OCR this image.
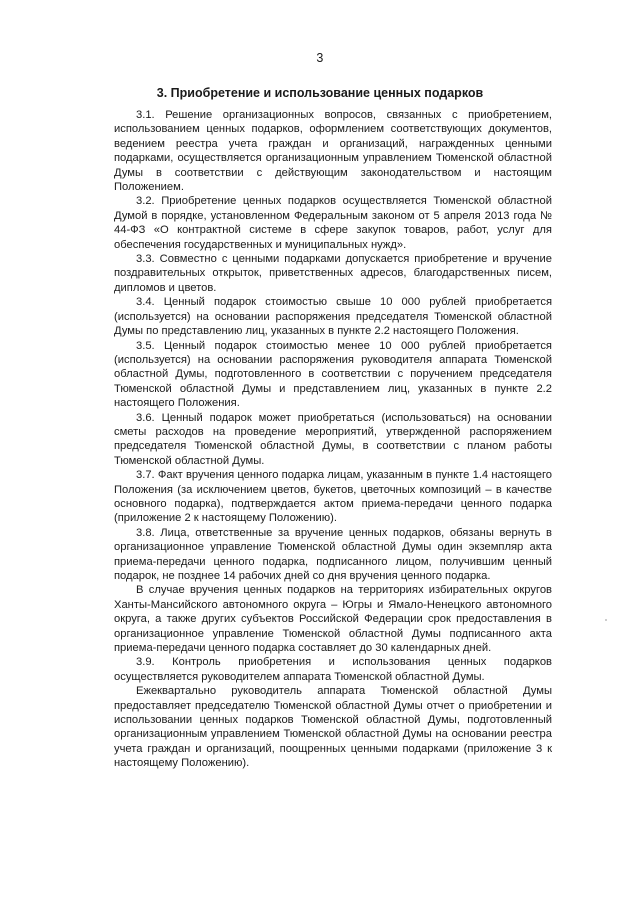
3
3. Приобретение и использование ценных подарков

3.1. Решение организационных вопросов, связанных с приобретением, использованием ценных подарков, оформлением соответствующих документов, ведением реестра учета граждан и организаций, награжденных ценными подарками, осуществляется организационным управлением Тюменской областной Думы в соответствии с действующим законодательством и настоящим Положением.

3.2. Приобретение ценных подарков осуществляется Тюменской областной Думой в порядке, установленном Федеральным законом от 5 апреля 2013 года № 44-ФЗ «О контрактной системе в сфере закупок товаров, работ, услуг для обеспечения государственных и муниципальных нужд».

3.3. Совместно с ценными подарками допускается приобретение и вручение поздравительных открыток, приветственных адресов, благодарственных писем, дипломов и цветов.

3.4. Ценный подарок стоимостью свыше 10 000 рублей приобретается (используется) на основании распоряжения председателя Тюменской областной Думы по представлению лиц, указанных в пункте 2.2 настоящего Положения.

3.5. Ценный подарок стоимостью менее 10 000 рублей приобретается (используется) на основании распоряжения руководителя аппарата Тюменской областной Думы, подготовленного в соответствии с поручением председателя Тюменской областной Думы и представлением лиц, указанных в пункте 2.2 настоящего Положения.

3.6. Ценный подарок может приобретаться (использоваться) на основании сметы расходов на проведение мероприятий, утвержденной распоряжением председателя Тюменской областной Думы, в соответствии с планом работы Тюменской областной Думы.

3.7. Факт вручения ценного подарка лицам, указанным в пункте 1.4 настоящего Положения (за исключением цветов, букетов, цветочных композиций – в качестве основного подарка), подтверждается актом приема-передачи ценного подарка (приложение 2 к настоящему Положению).

3.8. Лица, ответственные за вручение ценных подарков, обязаны вернуть в организационное управление Тюменской областной Думы один экземпляр акта приема-передачи ценного подарка, подписанного лицом, получившим ценный подарок, не позднее 14 рабочих дней со дня вручения ценного подарка.

В случае вручения ценных подарков на территориях избирательных округов Ханты-Мансийского автономного округа – Югры и Ямало-Ненецкого автономного округа, а также других субъектов Российской Федерации срок предоставления в организационное управление Тюменской областной Думы подписанного акта приема-передачи ценного подарка составляет до 30 календарных дней.

3.9. Контроль приобретения и использования ценных подарков осуществляется руководителем аппарата Тюменской областной Думы.

Ежеквартально руководитель аппарата Тюменской областной Думы предоставляет председателю Тюменской областной Думы отчет о приобретении и использовании ценных подарков Тюменской областной Думы, подготовленный организационным управлением Тюменской областной Думы на основании реестра учета граждан и организаций, поощренных ценными подарками (приложение 3 к настоящему Положению).
